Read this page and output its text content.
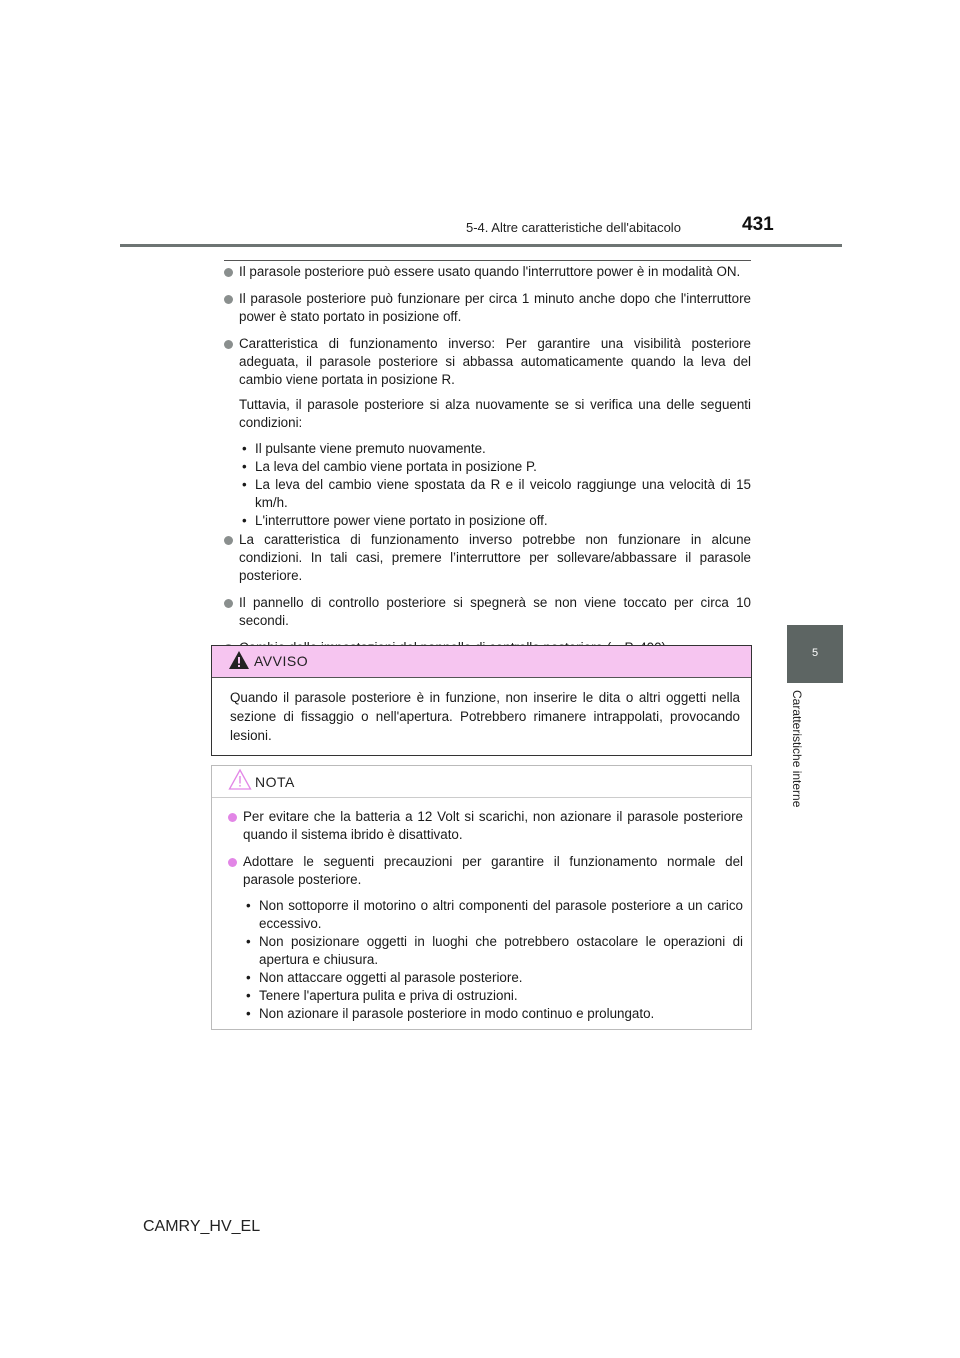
5-4. Altre caratteristiche dell'abitacolo	431
Il parasole posteriore può essere usato quando l'interruttore power è in modalità ON.
Il parasole posteriore può funzionare per circa 1 minuto anche dopo che l'interruttore power è stato portato in posizione off.
Caratteristica di funzionamento inverso: Per garantire una visibilità posteriore adeguata, il parasole posteriore si abbassa automaticamente quando la leva del cambio viene portata in posizione R.
Tuttavia, il parasole posteriore si alza nuovamente se si verifica una delle seguenti condizioni:
• Il pulsante viene premuto nuovamente.
• La leva del cambio viene portata in posizione P.
• La leva del cambio viene spostata da R e il veicolo raggiunge una velocità di 15 km/h.
• L'interruttore power viene portato in posizione off.
La caratteristica di funzionamento inverso potrebbe non funzionare in alcune condizioni. In tali casi, premere l’interruttore per sollevare/abbassare il parasole posteriore.
Il pannello di controllo posteriore si spegnerà se non viene toccato per circa 10 secondi.
AVVISO
Quando il parasole posteriore è in funzione, non inserire le dita o altri oggetti nella sezione di fissaggio o nell'apertura. Potrebbero rimanere intrappolati, provocando lesioni.
NOTA
Per evitare che la batteria a 12 Volt si scarichi, non azionare il parasole posteriore quando il sistema ibrido è disattivato.
Adottare le seguenti precauzioni per garantire il funzionamento normale del parasole posteriore.
• Non sottoporre il motorino o altri componenti del parasole posteriore a un carico eccessivo.
• Non posizionare oggetti in luoghi che potrebbero ostacolare le operazioni di apertura e chiusura.
• Non attaccare oggetti al parasole posteriore.
• Tenere l'apertura pulita e priva di ostruzioni.
• Non azionare il parasole posteriore in modo continuo e prolungato.
5
Caratteristiche interne
CAMRY_HV_EL
